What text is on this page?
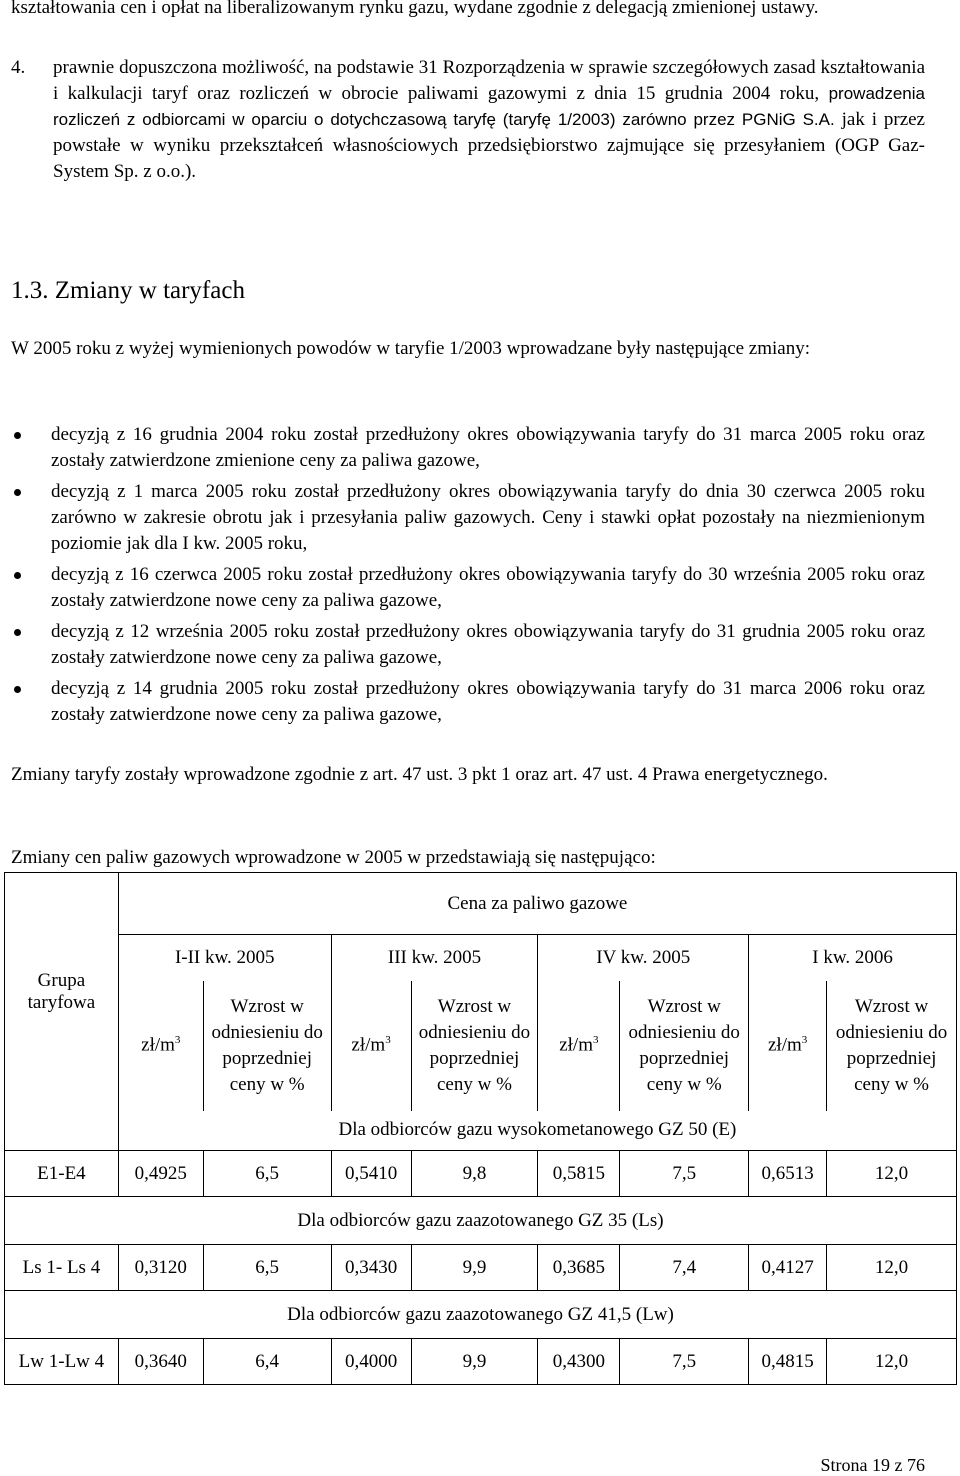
kształtowania cen i opłat na liberalizowanym rynku gazu, wydane zgodnie z delegacją zmienionej ustawy.

4. prawnie dopuszczona możliwość, na podstawie 31 Rozporządzenia w sprawie szczegółowych zasad kształtowania i kalkulacji taryf oraz rozliczeń w obrocie paliwami gazowymi z dnia 15 grudnia 2004 roku, prowadzenia rozliczeń z odbiorcami w oparciu o dotychczasową taryfę (taryfę 1/2003) zarówno przez PGNiG S.A. jak i przez powstałe w wyniku przekształceń własnościowych przedsiębiorstwo zajmujące się przesyłaniem (OGP Gaz-System Sp. z o.o.).
1.3. Zmiany w taryfach

W 2005 roku z wyżej wymienionych powodów w taryfie 1/2003 wprowadzane były następujące zmiany:

decyzją z 16 grudnia 2004 roku został przedłużony okres obowiązywania taryfy do 31 marca 2005 roku oraz zostały zatwierdzone zmienione ceny za paliwa gazowe,
decyzją z 1 marca 2005 roku został przedłużony okres obowiązywania taryfy do dnia 30 czerwca 2005 roku zarówno w zakresie obrotu jak i przesyłania paliw gazowych. Ceny i stawki opłat pozostały na niezmienionym poziomie jak dla I kw. 2005 roku,
decyzją z 16 czerwca 2005 roku został przedłużony okres obowiązywania taryfy do 30 września 2005 roku oraz zostały zatwierdzone nowe ceny za paliwa gazowe,
decyzją z 12 września 2005 roku został przedłużony okres obowiązywania taryfy do 31 grudnia 2005 roku oraz zostały zatwierdzone nowe ceny za paliwa gazowe,
decyzją z 14 grudnia 2005 roku został przedłużony okres obowiązywania taryfy do 31 marca 2006 roku oraz zostały zatwierdzone nowe ceny za paliwa gazowe,

Zmiany taryfy zostały wprowadzone zgodnie z art. 47 ust. 3 pkt 1 oraz art. 47 ust. 4 Prawa energetycznego.

Zmiany cen paliw gazowych wprowadzone w 2005 w przedstawiają się następująco:

Grupa taryfowa	Cena za paliwo gazowe							
	I-II kw. 2005		III kw. 2005		IV kw. 2005		I kw. 2006	
	$zł/m^3$	Wzrost w odniesieniu do poprzedniej ceny w %	$zł/m^3$	Wzrost w odniesieniu do poprzedniej ceny w %	$zł/m^3$	Wzrost w odniesieniu do poprzedniej ceny w %	$zł/m^3$	Wzrost w odniesieniu do poprzedniej ceny w %
	Dla odbiorców gazu wysokometanowego GZ 50 (E)							
E1-E4	0,4925	6,5	0,5410	9,8	0,5815	7,5	0,6513	12,0
Dla odbiorców gazu zaazotowanego GZ 35 (Ls)								
Ls 1- Ls 4	0,3120	6,5	0,3430	9,9	0,3685	7,4	0,4127	12,0
Dla odbiorców gazu zaazotowanego GZ 41,5 (Lw)								
Lw 1-Lw 4	0,3640	6,4	0,4000	9,9	0,4300	7,5	0,4815	12,0
Strona 19 z 76
